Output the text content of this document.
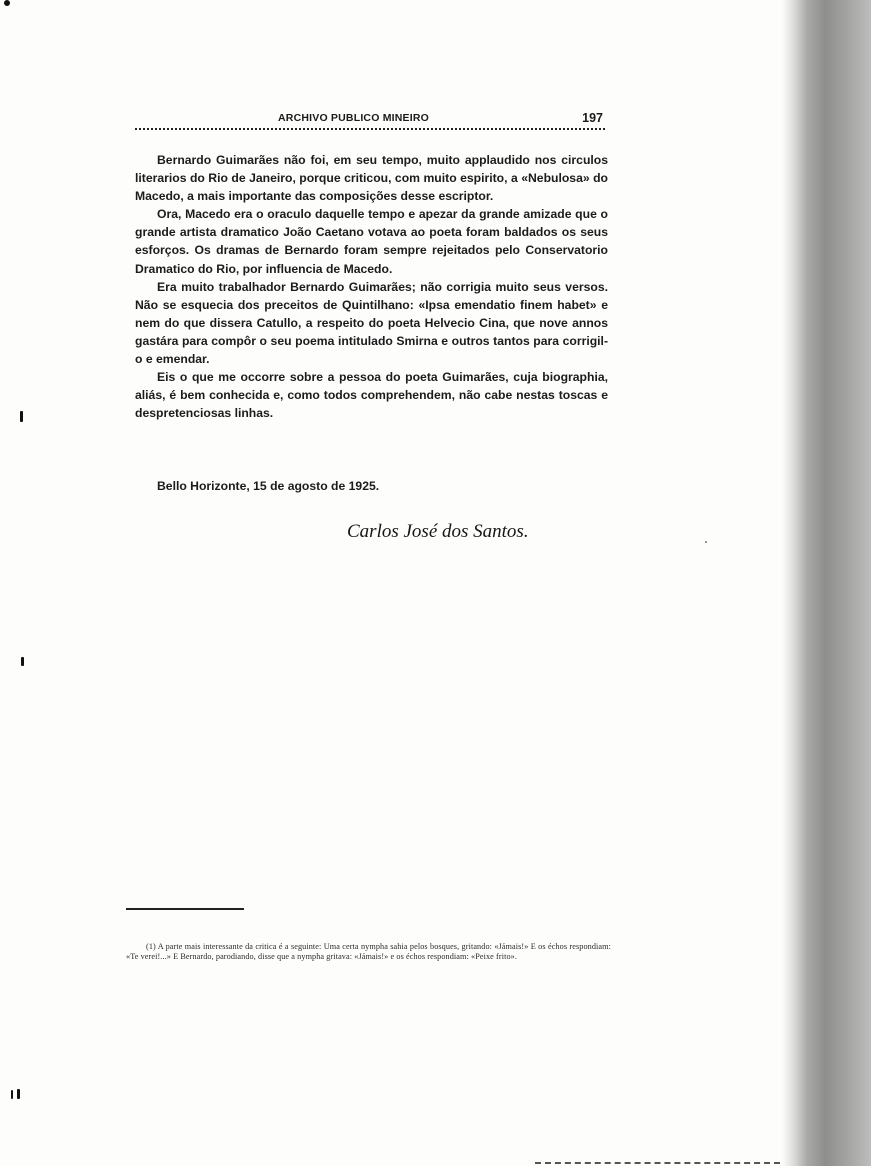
ARCHIVO PUBLICO MINEIRO	197

Bernardo Guimarães não foi, em seu tempo, muito applaudido nos circulos literarios do Rio de Janeiro, porque criticou, com muito espirito, a «Nebulosa» do Macedo, a mais importante das composições desse escriptor.

Ora, Macedo era o oraculo daquelle tempo e apezar da grande amizade que o grande artista dramatico João Caetano votava ao poeta foram baldados os seus esforços. Os dramas de Bernardo foram sempre rejeitados pelo Conservatorio Dramatico do Rio, por influencia de Macedo.

Era muito trabalhador Bernardo Guimarães; não corrigia muito seus versos. Não se esquecia dos preceitos de Quintilhano: «Ipsa emendatio finem habet» e nem do que dissera Catullo, a respeito do poeta Helvecio Cina, que nove annos gastára para compôr o seu poema intitulado Smirna e outros tantos para corrigil-o e emendar.

Eis o que me occorre sobre a pessoa do poeta Guimarães, cuja biographia, aliás, é bem conhecida e, como todos comprehendem, não cabe nestas toscas e despretenciosas linhas.

Bello Horizonte, 15 de agosto de 1925.
Carlos José dos Santos.

(1) A parte mais interessante da critica é a seguinte: Uma certa nympha sahia pelos bosques, gritando: «Jámais!» E os échos respondiam: «Te verei!...» E Bernardo, parodiando, disse que a nympha gritava: «Jámais!» e os échos respondiam: «Peixe frito».
